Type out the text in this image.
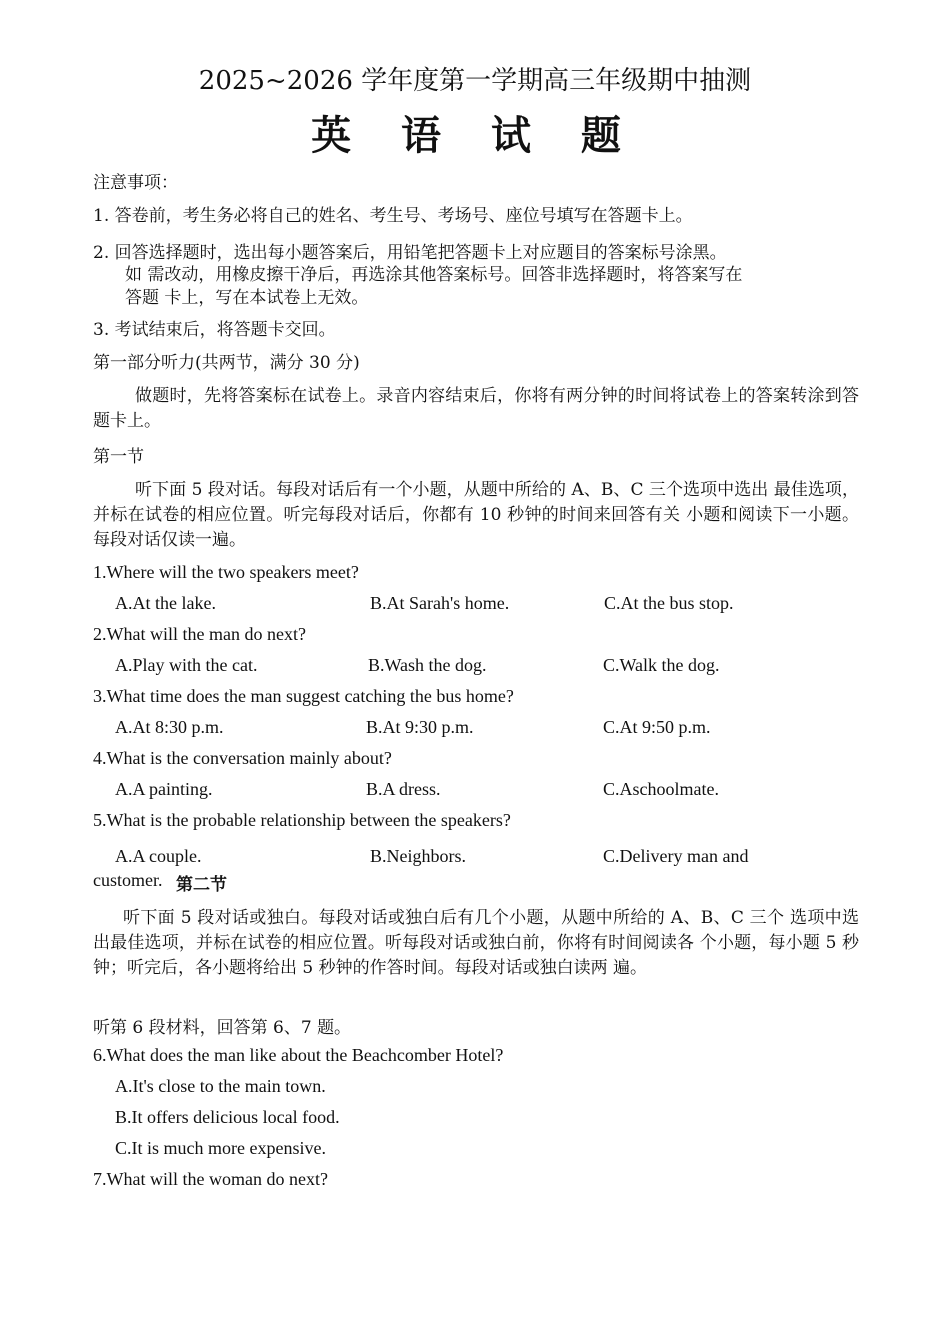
2025~2026 学年度第一学期高三年级期中抽测
英 语 试 题
注意事项：
1. 答卷前，考生务必将自己的姓名、考生号、考场号、座位号填写在答题卡上。
2. 回答选择题时，选出每小题答案后，用铅笔把答题卡上对应题目的答案标号涂黑。
如 需改动，用橡皮擦干净后，再选涂其他答案标号。回答非选择题时，将答案写在
答题 卡上，写在本试卷上无效。
3. 考试结束后，将答题卡交回。
第一部分听力(共两节，满分 30 分)
做题时，先将答案标在试卷上。录音内容结束后，你将有两分钟的时间将试卷上的答案转涂到答题卡上。
第一节
听下面 5 段对话。每段对话后有一个小题，从题中所给的 A、B、C 三个选项中选出 最佳选项，并标在试卷的相应位置。听完每段对话后，你都有 10 秒钟的时间来回答有关 小题和阅读下一小题。每段对话仅读一遍。
1.Where will the two speakers meet?
A.At the lake.	B.At Sarah's home.	C.At the bus stop.
2.What will the man do next?
A.Play with the cat.	B.Wash the dog.	C.Walk the dog.
3.What time does the man suggest catching the bus home?
A.At 8:30 p.m.	B.At 9:30 p.m.	C.At 9:50 p.m.
4.What is the conversation mainly about?
A.A painting.	B.A dress.	C.Aschoolmate.
5.What is the probable relationship between the speakers?
A.A couple.	B.Neighbors.	C.Delivery man and
customer. 第二节
听下面 5 段对话或独白。每段对话或独白后有几个小题，从题中所给的 A、B、C 三个 选项中选出最佳选项，并标在试卷的相应位置。听每段对话或独白前，你将有时间阅读各 个小题，每小题 5 秒钟；听完后，各小题将给出 5 秒钟的作答时间。每段对话或独白读两 遍。
听第 6 段材料，回答第 6、7 题。
6.What does the man like about the Beachcomber Hotel?
A.It's close to the main town.
B.It offers delicious local food.
C.It is much more expensive.
7.What will the woman do next?
